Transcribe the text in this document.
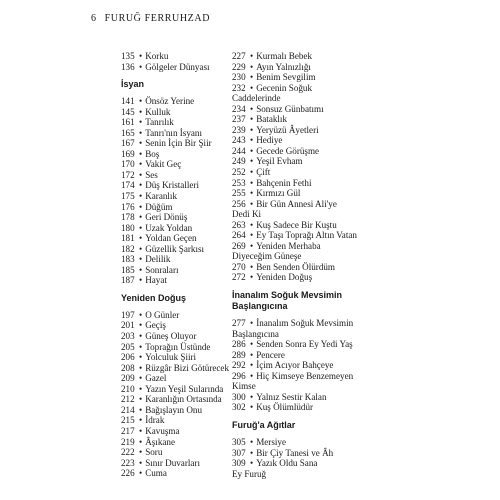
6 FURUĞ FERRUHZAD
135 • Korku
136 • Gölgeler Dünyası
İsyan
141 • Önsöz Yerine
145 • Kulluk
161 • Tanrılık
165 • Tanrı'nın İsyanı
167 • Senin İçin Bir Şiir
169 • Boş
170 • Vakit Geç
172 • Ses
174 • Düş Kristalleri
175 • Karanlık
176 • Düğüm
178 • Geri Dönüş
180 • Uzak Yoldan
181 • Yoldan Geçen
182 • Güzellik Şarkısı
183 • Delilik
185 • Sonraları
187 • Hayat
Yeniden Doğuş
197 • O Günler
201 • Geçiş
203 • Güneş Oluyor
205 • Toprağın Üstünde
206 • Yolculuk Şiiri
208 • Rüzgâr Bizi Götürecek
209 • Gazel
210 • Yazın Yeşil Sularında
212 • Karanlığın Ortasında
214 • Bağışlayın Onu
215 • İdrak
217 • Kavuşma
219 • Âşıkane
222 • Soru
223 • Sınır Duvarları
226 • Cuma
227 • Kurmalı Bebek
229 • Ayın Yalnızlığı
230 • Benim Sevgilim
232 • Gecenin Soğuk
Caddelerinde
234 • Sonsuz Günbatımı
237 • Bataklık
239 • Yeryüzü Âyetleri
243 • Hediye
244 • Gecede Görüşme
249 • Yeşil Evham
252 • Çift
253 • Bahçenin Fethi
255 • Kırmızı Gül
256 • Bir Gün Annesi Ali'ye
Dedi Ki
263 • Kuş Sadece Bir Kuştu
264 • Ey Taşı Toprağı Altın Vatan
269 • Yeniden Merhaba
Diyeceğim Güneşe
270 • Ben Senden Ölürdüm
272 • Yeniden Doğuş
İnanalım Soğuk Mevsimin
Başlangıcına
277 • İnanalım Soğuk Mevsimin
Başlangıcına
286 • Senden Sonra Ey Yedi Yaş
289 • Pencere
292 • İçim Acıyor Bahçeye
296 • Hiç Kimseye Benzemeyen
Kimse
300 • Yalnız Sestir Kalan
302 • Kuş Ölümlüdür
Furuğ'a Ağıtlar
305 • Mersiye
307 • Bir Çiy Tanesi ve Âh
309 • Yazık Oldu Sana
Ey Furuğ
